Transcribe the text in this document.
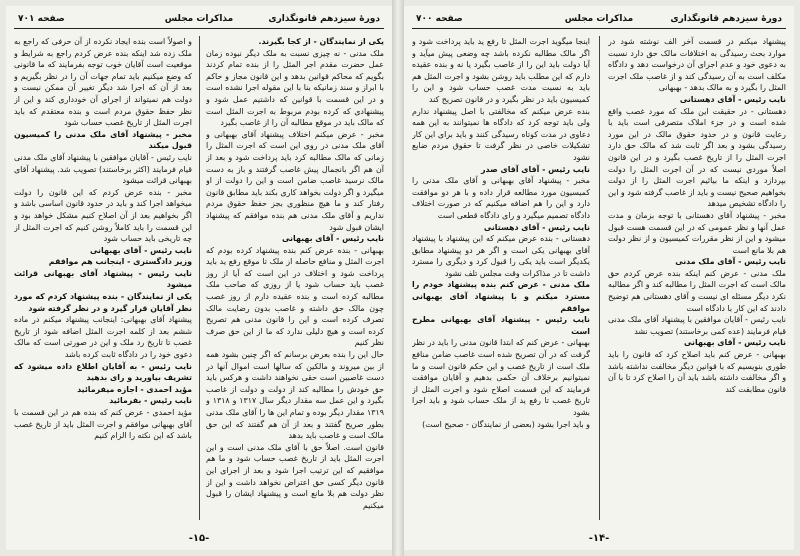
دورهٔ سیزدهم قانونگذاری
مذاکرات مجلس
صفحه ۷۰۱

یکی از نمایندگان - از کجا بگیرند.

ملک مدنی - نه چیزی نسبت به ملک دیگر نبوده زمان عمل حضرت مقدم اجر المثل را از بنده تمام کردند بگویم که محاکم قوانین بدهد و این قانون مجاز و حاکم با ابراز و سند زمانیکه بنا با این مقوله اجرا نشده است و در این قسمت با قوانین که داشتیم عمل شود و پیشنهادی که کرده بودم مربوط به اجرت المثل است که مالک باید در موقع مطالبه آن را از غاصب بگیرد

مخبر - عرض میکنم اختلاف پیشنهاد آقای بهبهانی و آقای ملک مدنی در روی این است که اجرت المثل را زمانی که مالک مطالبه کرد باید پرداخت شود و بعد از آن هم اگر بانجمال پیش غاصب گرفتند و باز به دست مالک نرسید غاصب ضامن است و این را دولت از او میگیرد و اگر دولت بخواهد کاری بکند باید مطابق قانون رفتار کند و ما هیچ منظوری بجز حفظ حقوق مردم نداریم و آقای ملک مدنی هم بنده موافقم که پیشنهاد ایشان قبول شود

نایب رئیس - آقای بهبهانی

بهبهانی - بنده عرض کنم بنده پیشنهاد کرده بودم که اجرت المثل و منافع حاصله از ملک تا موقع رفع ید باید پرداخت شود و اختلاف در این است که آیا از روز غصب باید حساب شود یا از روزی که صاحب ملک مطالبه کرده است و بنده عقیده دارم از روز غصب چون مالک حق داشته و غاصب بدون رضایت مالک تصرف کرده است و این را قانون مدنی هم تصریح کرده است و هیچ دلیلی ندارد که ما از این حق صرف نظر کنیم

حال این را بنده بعرض برسانم که اگر چنین بشود همه از بین میروند و مالکین که سالها است اموال آنها در دست غاصبین است حقی نخواهند داشت و هرکس باید حق خودش را مطالبه کند از دولت و دولت از غاصب بگیرد و این عمل سه مقدار دیگر سال ۱۳۱۷ و ۱۳۱۸ و ۱۳۱۹ مقدار دیگر بوده و تمام این ها را آقای ملک مدنی بطور صریح گفتند و بعد از آن هم گفتند که این حق مالک است و غاصب باید بدهد

قانون است. اصلاً حق با آقای ملک مدنی است و این اجرت المثل باید از تاریخ غصب حساب شود و ما هم موافقیم که این ترتیب اجرا شود و بعد از اجرای این قانون دیگر کسی حق اعتراض نخواهد داشت و این از نظر دولت هم بلا مانع است و پیشنهاد ایشان را قبول میکنیم

و اصولاً است بنده ایجاد نکرده از آن حرفی که راجع به ملک زده شد اینکه بنده عرض کردم راجع به شرایط و موقعیت است آقایان خوب توجه بفرمایند که ما قانونی که وضع میکنیم باید تمام جهات آن را در نظر بگیریم و بعد از آن که اجرا شد دیگر تغییر آن ممکن نیست و دولت هم نمیتواند از اجرای آن خودداری کند و این از نظر حفظ حقوق مردم است و بنده معتقدم که باید اجرت المثل از تاریخ غصب حساب شود

مخبر - پیشنهاد آقای ملک مدنی را کمیسیون قبول میکند

نایب رئیس - آقایان موافقین با پیشنهاد آقای ملک مدنی قیام فرمایند (اکثر برخاستند) تصویب شد. پیشنهاد آقای بهبهانی قرائت میشود

مخبر - بنده عرض کردم که این قانون را دولت میخواهد اجرا کند و باید در حدود قانون اساسی باشد و اگر بخواهیم بعد از آن اصلاح کنیم مشکل خواهد بود و این قسمت را باید کاملاً روشن کنیم که اجرت المثل از چه تاریخی باید حساب شود

نایب رئیس - آقای بهبهانی

وزیر دادگستری - اینجانب هم موافقم

نایب رئیس - پیشنهاد آقای بهبهانی قرائت میشود

یکی از نمایندگان - بنده پیشنهاد کردم که مورد نظر آقایان قرار گیرد و در نظر گرفته شود

پیشنهاد آقای بهبهانی: اینجانب پیشنهاد میکنم در ماده ششم بعد از کلمه اجرت المثل اضافه شود از تاریخ غصب تا تاریخ رد ملک و این در صورتی است که مالک دعوی خود را در دادگاه ثابت کرده باشد

نایب رئیس - به آقایان اطلاع داده میشود که تشریف بیاورید و رای بدهید

مؤید احمدی - اجازه میفرمائید

نایب رئیس - بفرمائید

مؤید احمدی - عرض کنم که بنده هم در این قسمت با آقای بهبهانی موافقم و اجرت المثل باید از تاریخ غصب باشد که این نکته را الزام کنیم

-۱۵-
دورهٔ سیزدهم قانونگذاری
مذاکرات مجلس
صفحه ۷۰۰

پیشنهاد میکنم در قسمت آخر الف نوشته شود در موارد بحث رسیدگی به اختلافات مالک حق دارد نسبت به دعوی خود و عدم اجرای آن درخواست دهد و دادگاه مکلف است به آن رسیدگی کند و از غاصب ملک اجرت المثل را بگیرد و به مالک بدهد - بهبهانی

نایب رئیس - آقای دهستانی

دهستانی - در حقیقت این ملک که مورد غصب واقع شده است و در جزء املاک متصرفی است باید با رعایت قانون و در حدود حقوق مالک در این مورد رسیدگی بشود و بعد اگر ثابت شد که مالک حق دارد اجرت المثل را از تاریخ غصب بگیرد و در این قانون اصلاً موردی نیست که در آن اجرت المثل را دولت بپردازد و اینکه ما بیائیم اجرت المثل را از دولت بخواهیم صحیح نیست و باید از غاصب گرفته شود و این را دادگاه تشخیص میدهد

مخبر - پیشنهاد آقای دهستانی با توجه بزمان و مدت عمل آنها و نظر عمومی که در این قسمت هست قبول میشود و این از نظر مقررات کمیسیون و از نظر دولت هم بلا مانع است

نایب رئیس - آقای ملک مدنی

ملک مدنی - عرض کنم اینکه بنده عرض کردم حق مالک است که اجرت المثل را مطالبه کند و اگر مطالبه نکرد دیگر مسئله ای نیست و آقای دهستانی هم توضیح دادند که این کار با دادگاه است

نایب رئیس - آقایان موافقین با پیشنهاد آقای ملک مدنی قیام فرمایند (عده کمی برخاستند) تصویب نشد

نایب رئیس - آقای بهبهانی

بهبهانی - عرض کنم باید اصلاح کرد که قانون را باید طوری بنویسیم که با قوانین دیگر مخالفت نداشته باشد و اگر مخالفت داشته باشد باید آن را اصلاح کرد تا با آن قانون مطابقت کند

اینجا میگوید اجرت المثل تا رفع ید باید پرداخت شود و اگر مالک مطالبه نکرده باشد چه وضعی پیش میآید و آیا دولت باید این را از غاصب بگیرد یا نه و بنده عقیده دارم که این مطلب باید روشن بشود و اجرت المثل هم باید به نسبت مدت غصب حساب شود و این را کمیسیون باید در نظر بگیرد و در قانون تصریح کند

بنده عرض میکنم که مخالفتی با اصل پیشنهاد ندارم ولی باید توجه کرد که دادگاه ها نمیتوانند به این همه دعاوی در مدت کوتاه رسیدگی کنند و باید برای این کار تشکیلات خاصی در نظر گرفت تا حقوق مردم ضایع نشود

نایب رئیس - آقای آقای صدر

مخبر - پیشنهاد آقای بهبهانی و آقای ملک مدنی را کمیسیون مورد مطالعه قرار داده و با هر دو موافقت دارد و این را هم اضافه میکنیم که در صورت اختلاف دادگاه تصمیم میگیرد و رای دادگاه قطعی است

نایب رئیس - آقای دهستانی

دهستانی - بنده عرض میکنم که این پیشنهاد با پیشنهاد آقای بهبهانی یکی است و اگر هر دو پیشنهاد مطابق یکدیگر است باید یکی را قبول کرد و دیگری را مسترد داشت تا در مذاکرات وقت مجلس تلف نشود

ملک مدنی - عرض کنم بنده پیشنهاد خودم را مسترد میکنم و با پیشنهاد آقای بهبهانی موافقم

نایب رئیس - پیشنهاد آقای بهبهانی مطرح است

بهبهانی - عرض کنم که ابتدا قانون مدنی را باید در نظر گرفت که در آن تصریح شده است غاصب ضامن منافع ملک است از تاریخ غصب و این حکم قانون است و ما نمیتوانیم برخلاف آن حکمی بدهیم و آقایان موافقت فرمایند که این قسمت اصلاح شود و اجرت المثل از تاریخ غصب تا رفع ید از ملک حساب شود و باید اجرا بشود

و باید اجرا بشود (بعضی از نمایندگان - صحیح است)

-۱۴-
